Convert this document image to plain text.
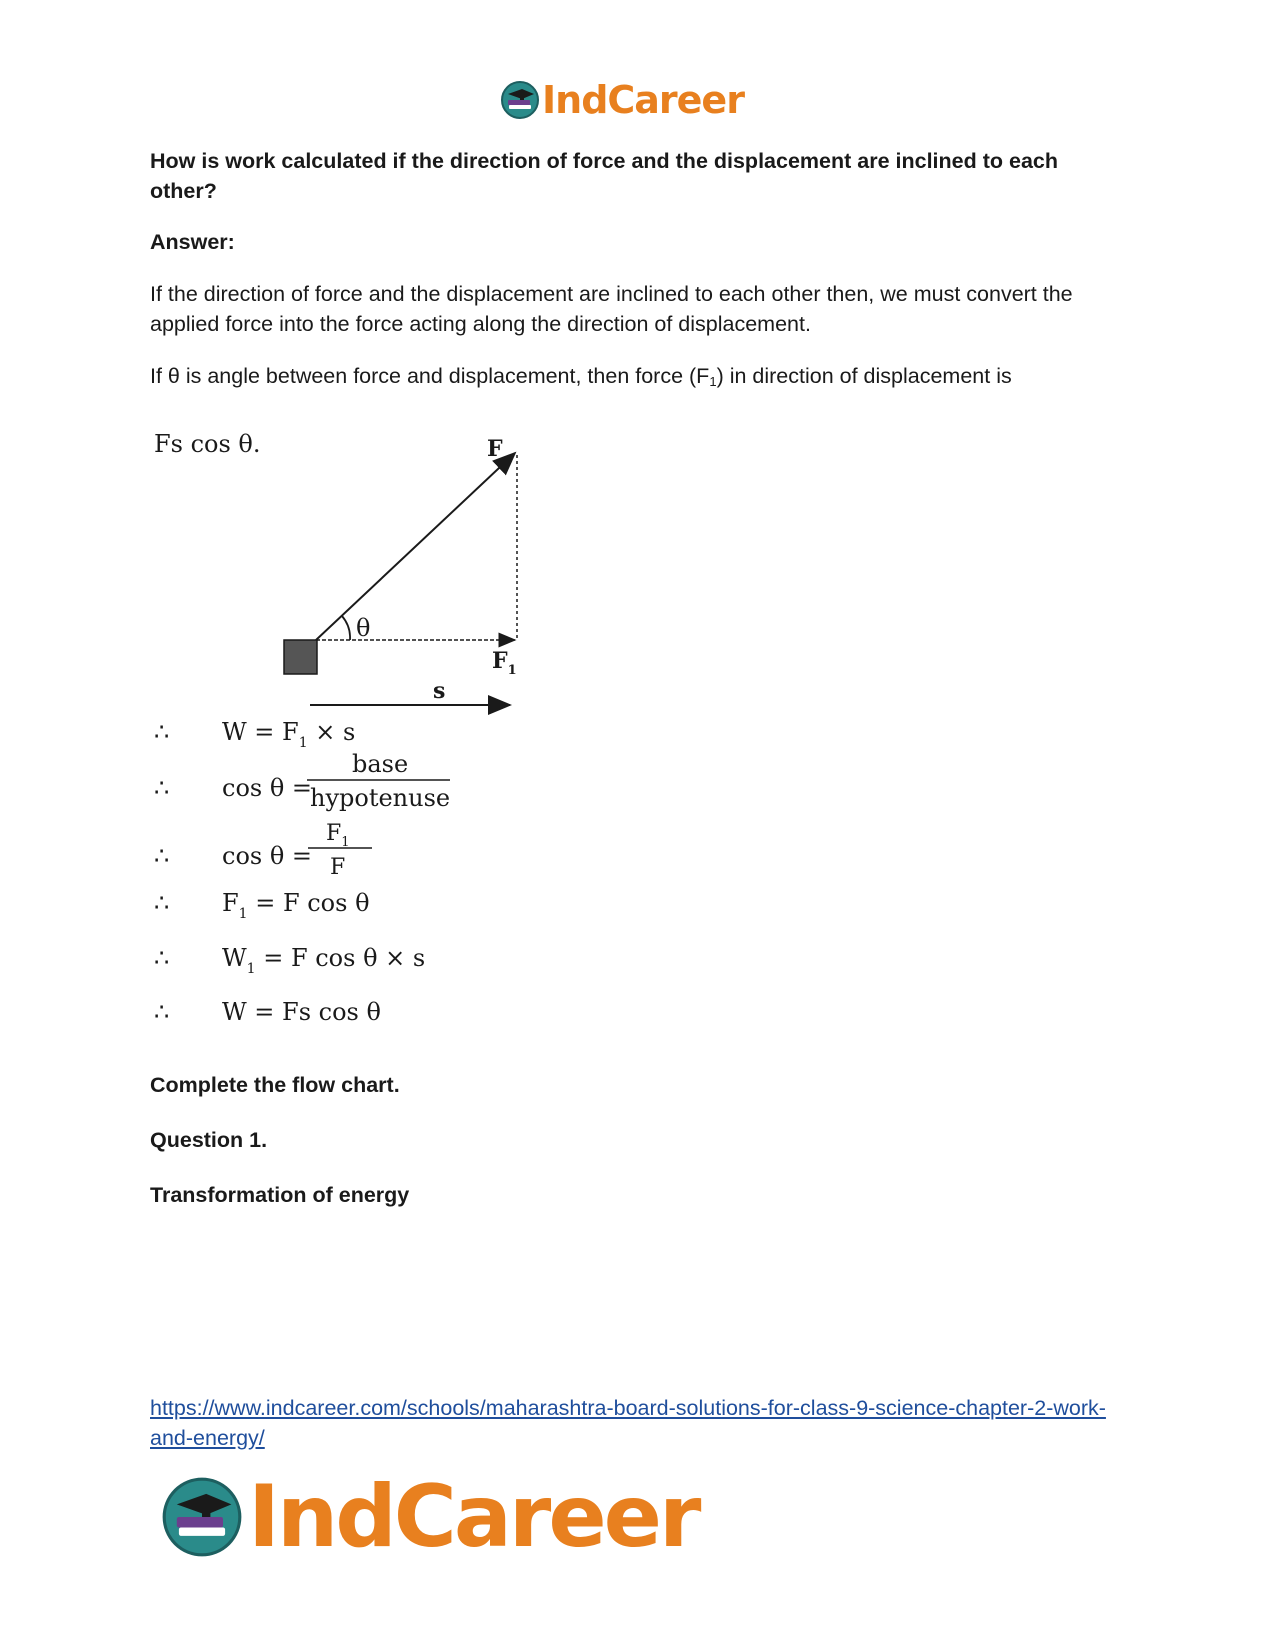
IndCareer

How is work calculated if the direction of force and the displacement are inclined to each other?

Answer:

If the direction of force and the displacement are inclined to each other then, we must convert the applied force into the force acting along the direction of displacement.

If θ is angle between force and displacement, then force $(F_1)$ in direction of displacement is

Fs cos θ.
θ
F
$F_1$
s
∴ $W = F_1 \times s$
∴ cos θ =
base
hypotenuse
∴ cos θ =
$F_1$
F
∴ $F_1 = F$ cos θ
∴ $W_1 = F$ cos θ × s
∴ W = Fs cos θ

Complete the flow chart.

Question 1.

Transformation of energy

https://www.indcareer.com/schools/maharashtra-board-solutions-for-class-9-science-chapter-2-work-and-energy/
IndCareer
